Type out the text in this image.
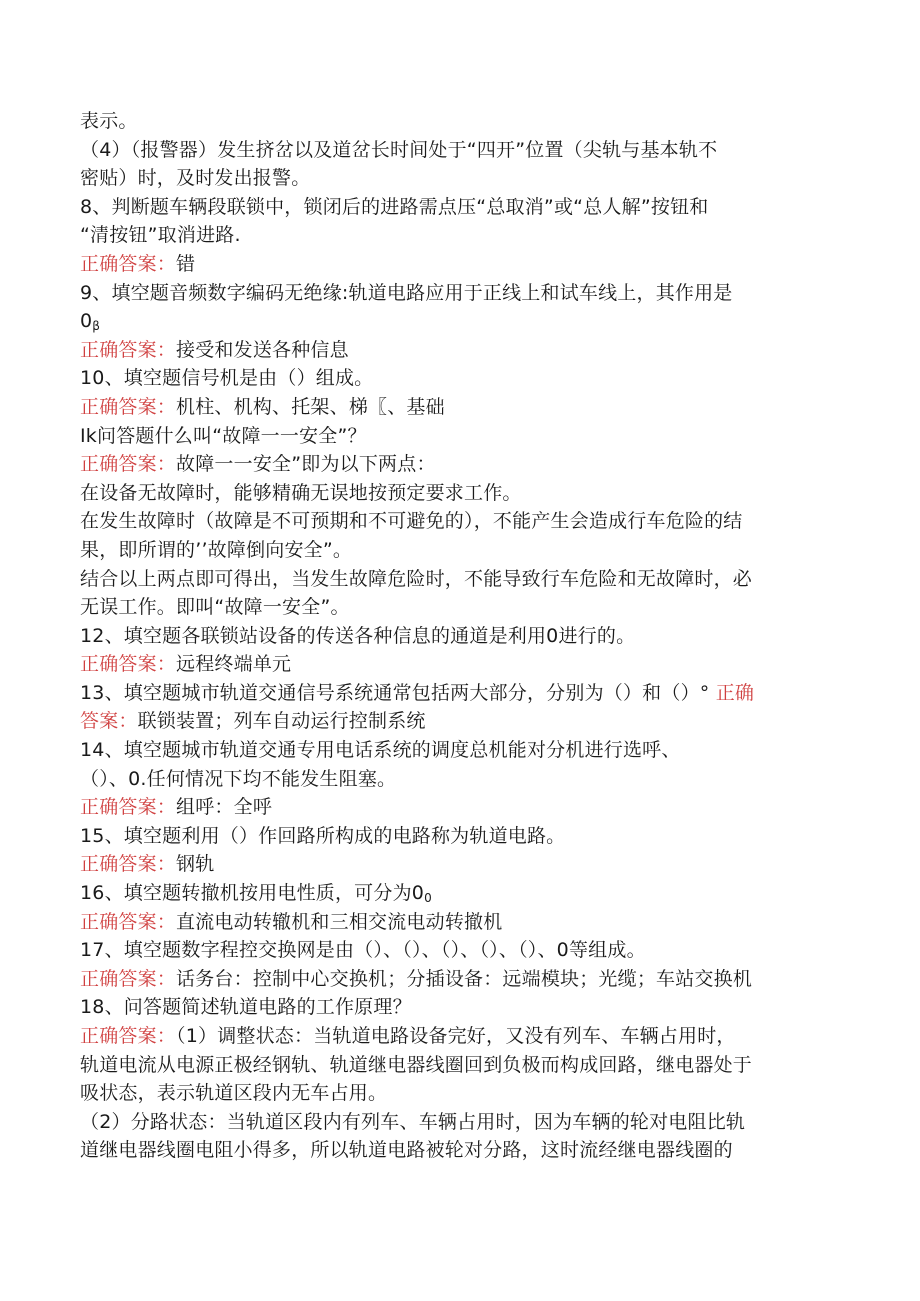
表示。
（4）（报警器）发生挤岔以及道岔长时间处于“四开”位置（尖轨与基本轨不
密贴）时，及时发出报警。
8、判断题车辆段联锁中，锁闭后的进路需点压“总取消”或“总人解”按钮和
“清按钮”取消进路.
正确答案：错
9、填空题音频数字编码无绝缘:轨道电路应用于正线上和试车线上，其作用是
$0_\beta$
正确答案：接受和发送各种信息
10、填空题信号机是由（）组成。
正确答案：机柱、机构、托架、梯〖、基础
Ik问答题什么叫“故障一一安全”？
正确答案：故障一一安全”即为以下两点：
在设备无故障时，能够精确无误地按预定要求工作。
在发生故障时（故障是不可预期和不可避免的），不能产生会造成行车危险的结
果，即所谓的’’故障倒向安全”。
结合以上两点即可得出，当发生故障危险时，不能导致行车危险和无故障时，必
无误工作。即叫“故障一安全”。
12、填空题各联锁站设备的传送各种信息的通道是利用0进行的。
正确答案：远程终端单元
13、填空题城市轨道交通信号系统通常包括两大部分，分别为（）和（）° 正确
答案：联锁装置；列车自动运行控制系统
14、填空题城市轨道交通专用电话系统的调度总机能对分机进行选呼、
（）、0.任何情况下均不能发生阻塞。
正确答案：组呼：全呼
15、填空题利用（）作回路所构成的电路称为轨道电路。
正确答案：钢轨
16、填空题转撤机按用电性质，可分为$0_0$
正确答案：直流电动转辙机和三相交流电动转撤机
17、填空题数字程控交换网是由（）、（）、（）、（）、（）、0等组成。
正确答案：话务台：控制中心交换机；分插设备：远端模块；光缆；车站交换机
18、问答题简述轨道电路的工作原理？
正确答案：（1）调整状态：当轨道电路设备完好，又没有列车、车辆占用时，
轨道电流从电源正极经钢轨、轨道继电器线圈回到负极而构成回路，继电器处于
吸状态，表示轨道区段内无车占用。
（2）分路状态：当轨道区段内有列车、车辆占用时，因为车辆的轮对电阻比轨
道继电器线圈电阻小得多，所以轨道电路被轮对分路，这时流经继电器线圈的
